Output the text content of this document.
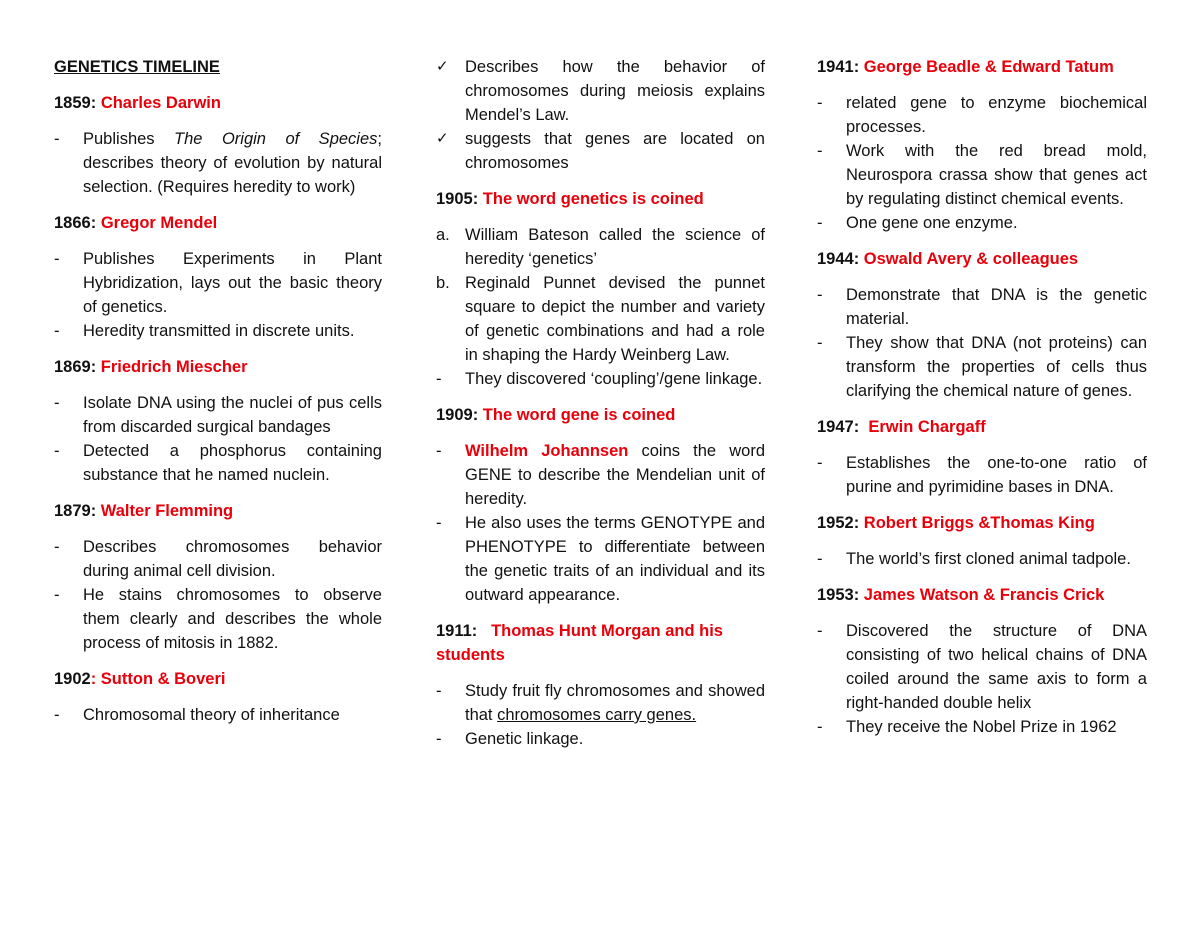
GENETICS TIMELINE
1859: Charles Darwin
-	Publishes The Origin of Species; describes theory of evolution by natural selection. (Requires heredity to work)
1866: Gregor Mendel
-	Publishes Experiments in Plant Hybridization, lays out the basic theory of genetics.
-	Heredity transmitted in discrete units.
1869: Friedrich Miescher
-	Isolate DNA using the nuclei of pus cells from discarded surgical bandages
-	Detected a phosphorus containing substance that he named nuclein.
1879: Walter Flemming
-	Describes chromosomes behavior during animal cell division.
-	He stains chromosomes to observe them clearly and describes the whole process of mitosis in 1882.
1902: Sutton & Boveri
-	Chromosomal theory of inheritance
✓ Describes how the behavior of chromosomes during meiosis explains Mendel’s Law.
✓ suggests that genes are located on chromosomes
1905: The word genetics is coined
a. William Bateson called the science of heredity ‘genetics’
b. Reginald Punnet devised the punnet square to depict the number and variety of genetic combinations and had a role in shaping the Hardy Weinberg Law.
-	They discovered ‘coupling’/gene linkage.
1909: The word gene is coined
-	Wilhelm Johannsen coins the word GENE to describe the Mendelian unit of heredity.
-	He also uses the terms GENOTYPE and PHENOTYPE to differentiate between the genetic traits of an individual and its outward appearance.
1911: Thomas Hunt Morgan and his students
-	Study fruit fly chromosomes and showed that chromosomes carry genes.
-	Genetic linkage.
1941: George Beadle & Edward Tatum
-	related gene to enzyme biochemical processes.
-	Work with the red bread mold, Neurospora crassa show that genes act by regulating distinct chemical events.
-	One gene one enzyme.
1944: Oswald Avery & colleagues
-	Demonstrate that DNA is the genetic material.
-	They show that DNA (not proteins) can transform the properties of cells thus clarifying the chemical nature of genes.
1947: Erwin Chargaff
-	Establishes the one-to-one ratio of purine and pyrimidine bases in DNA.
1952: Robert Briggs &Thomas King
-	The world’s first cloned animal tadpole.
1953: James Watson & Francis Crick
-	Discovered the structure of DNA consisting of two helical chains of DNA coiled around the same axis to form a right-handed double helix
-	They receive the Nobel Prize in 1962
